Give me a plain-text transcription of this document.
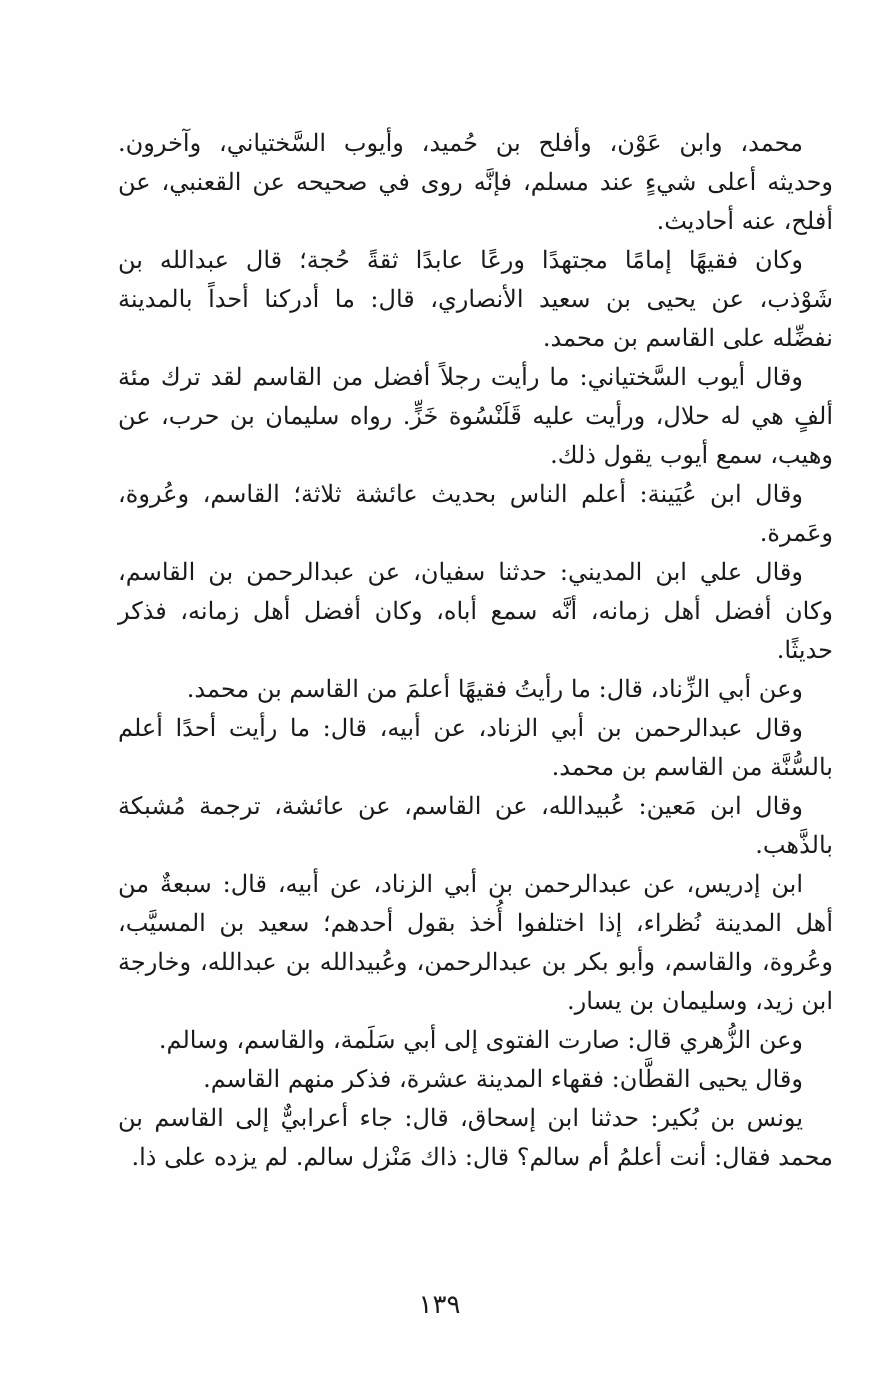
محمد، وابن عَوْن، وأفلح بن حُميد، وأيوب السَّختياني، وآخرون.
وحديثه أعلى شيءٍ عند مسلم، فإنَّه روى في صحيحه عن القعنبي، عن
أفلح، عنه أحاديث.

وكان فقيهًا إمامًا مجتهدًا ورعًا عابدًا ثقةً حُجة؛ قال عبدالله بن
شَوْذب، عن يحيى بن سعيد الأنصاري، قال: ما أدركنا أحداً بالمدينة
نفضِّله على القاسم بن محمد.

وقال أيوب السَّختياني: ما رأيت رجلاً أفضل من القاسم لقد ترك مئة
ألفٍ هي له حلال، ورأيت عليه قَلَنْسُوة خَزٍّ. رواه سليمان بن حرب، عن
وهيب، سمع أيوب يقول ذلك.

وقال ابن عُيَينة: أعلم الناس بحديث عائشة ثلاثة؛ القاسم، وعُروة،
وعَمرة.

وقال علي ابن المديني: حدثنا سفيان، عن عبدالرحمن بن القاسم،
وكان أفضل أهل زمانه، أنَّه سمع أباه، وكان أفضل أهل زمانه، فذكر
حديثًا.

وعن أبي الزِّناد، قال: ما رأيتُ فقيهًا أعلمَ من القاسم بن محمد.

وقال عبدالرحمن بن أبي الزناد، عن أبيه، قال: ما رأيت أحدًا أعلم
بالسُّنَّة من القاسم بن محمد.

وقال ابن مَعين: عُبيدالله، عن القاسم، عن عائشة، ترجمة مُشبكة
بالذَّهب.

ابن إدريس، عن عبدالرحمن بن أبي الزناد، عن أبيه، قال: سبعةٌ من
أهل المدينة نُظراء، إذا اختلفوا أُخذ بقول أحدهم؛ سعيد بن المسيَّب،
وعُروة، والقاسم، وأبو بكر بن عبدالرحمن، وعُبيدالله بن عبدالله، وخارجة
ابن زيد، وسليمان بن يسار.

وعن الزُّهري قال: صارت الفتوى إلى أبي سَلَمة، والقاسم، وسالم.

وقال يحيى القطَّان: فقهاء المدينة عشرة، فذكر منهم القاسم.

يونس بن بُكير: حدثنا ابن إسحاق، قال: جاء أعرابيٌّ إلى القاسم بن
محمد فقال: أنت أعلمُ أم سالم؟ قال: ذاك مَنْزل سالم. لم يزده على ذا.

١٣٩
